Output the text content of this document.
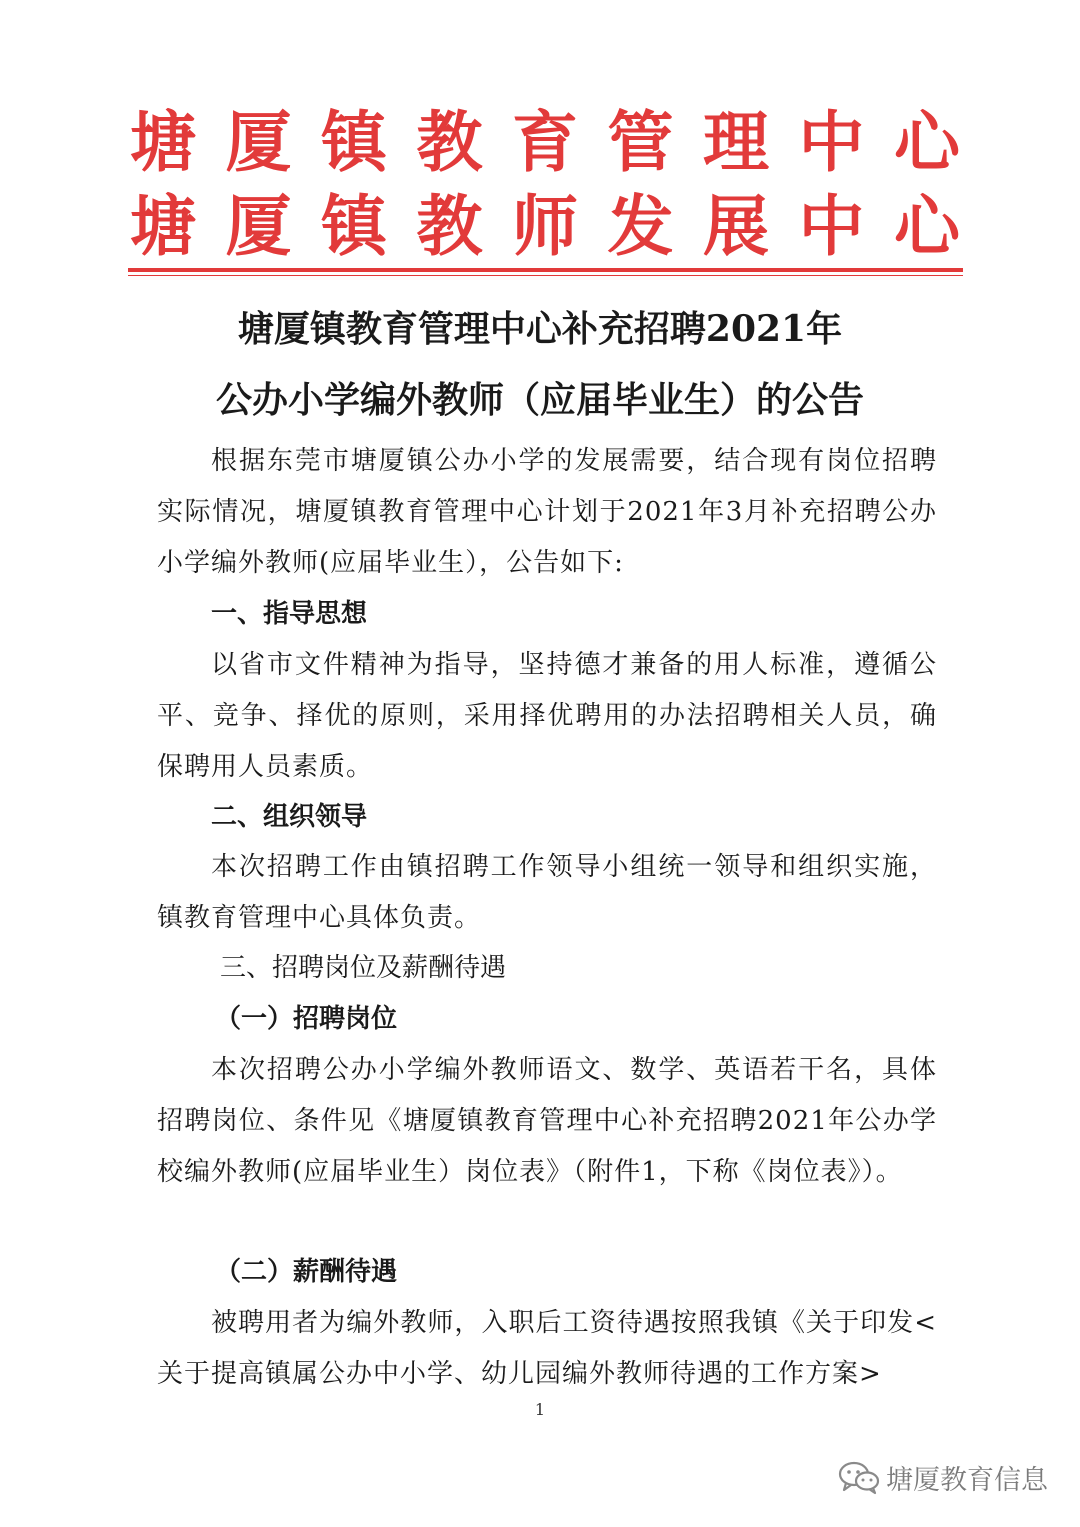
塘厦镇教育管理中心
塘厦镇教师发展中心
塘厦镇教育管理中心补充招聘2021年
公办小学编外教师（应届毕业生）的公告

根据东莞市塘厦镇公办小学的发展需要，结合现有岗位招聘实际情况，塘厦镇教育管理中心计划于2021年3月补充招聘公办小学编外教师(应届毕业生），公告如下:

一、指导思想

以省市文件精神为指导，坚持德才兼备的用人标准，遵循公平、竞争、择优的原则，采用择优聘用的办法招聘相关人员，确保聘用人员素质。

二、组织领导

本次招聘工作由镇招聘工作领导小组统一领导和组织实施，镇教育管理中心具体负责。

三、招聘岗位及薪酬待遇
（一）招聘岗位

本次招聘公办小学编外教师语文、数学、英语若干名，具体招聘岗位、条件见《塘厦镇教育管理中心补充招聘2021年公办学校编外教师(应届毕业生）岗位表》（附件1，下称《岗位表》）。

（二）薪酬待遇

被聘用者为编外教师，入职后工资待遇按照我镇《关于印发<关于提高镇属公办中小学、幼儿园编外教师待遇的工作方案>

1
塘厦教育信息
